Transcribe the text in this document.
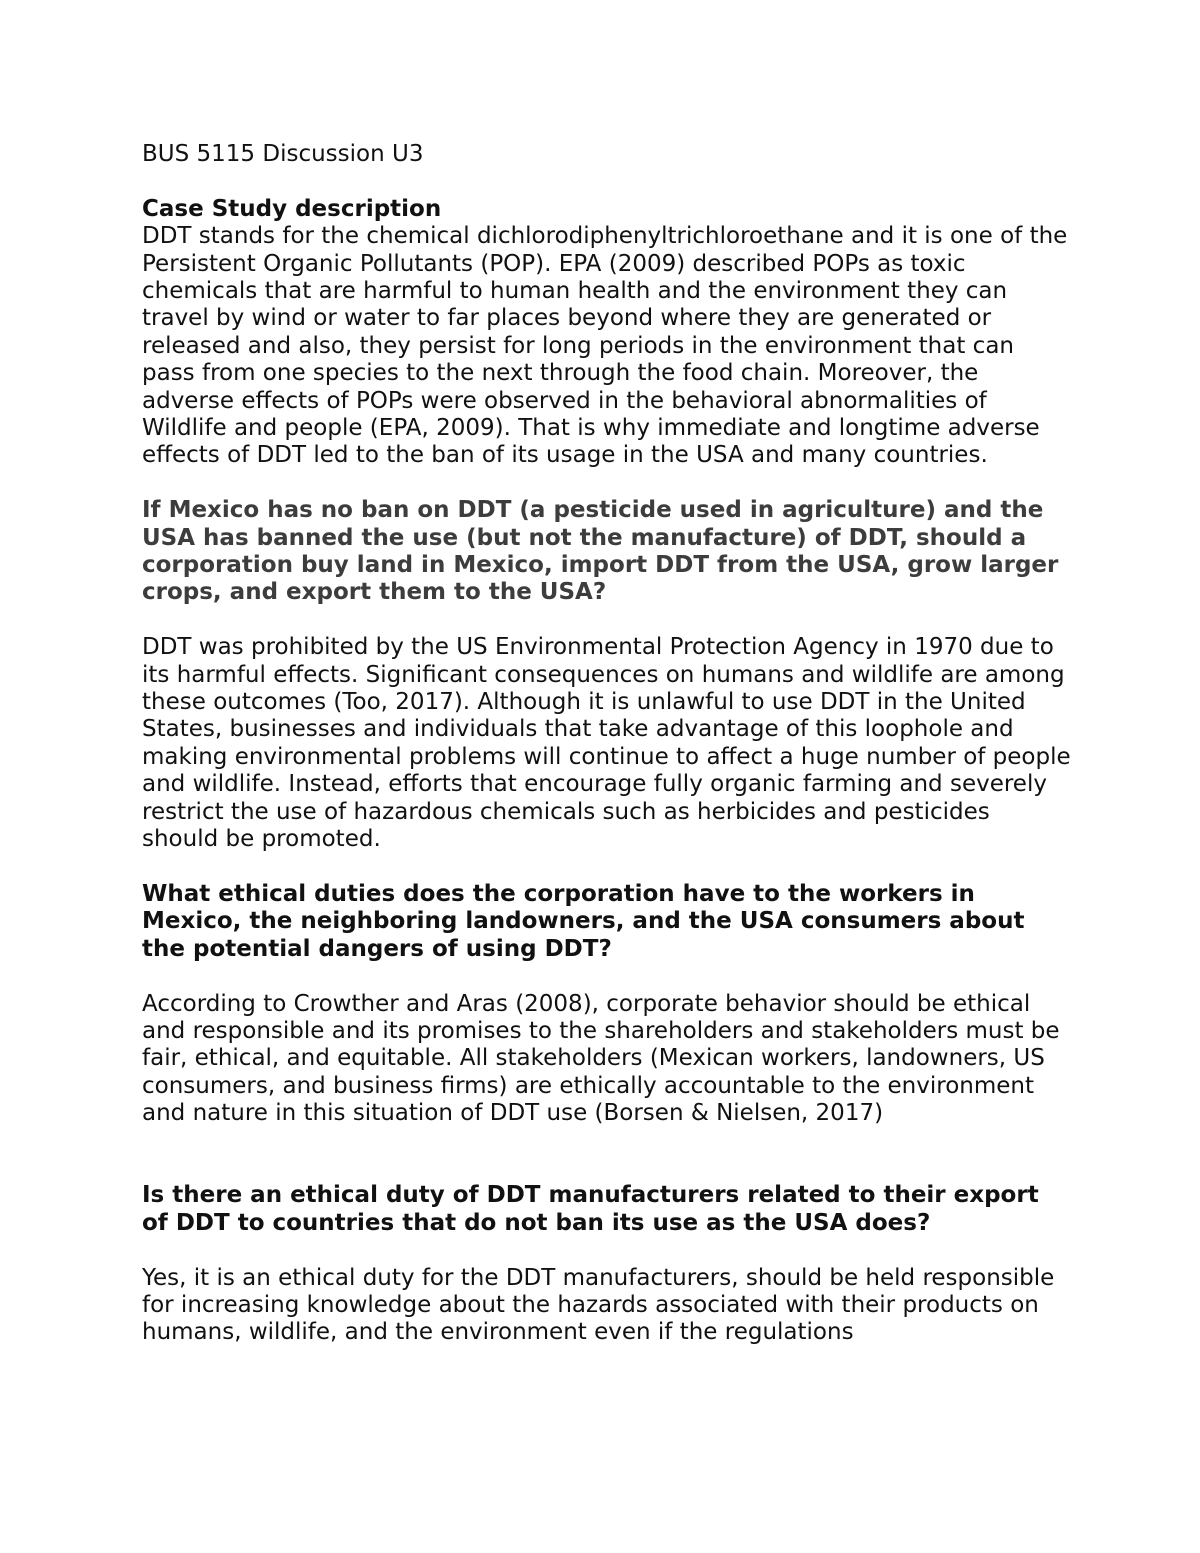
BUS 5115 Discussion U3

Case Study description

DDT stands for the chemical dichlorodiphenyltrichloroethane and it is one of the Persistent Organic Pollutants (POP). EPA (2009) described POPs as toxic chemicals that are harmful to human health and the environment they can travel by wind or water to far places beyond where they are generated or released and also, they persist for long periods in the environment that can pass from one species to the next through the food chain. Moreover, the adverse effects of POPs were observed in the behavioral abnormalities of Wildlife and people (EPA, 2009). That is why immediate and longtime adverse effects of DDT led to the ban of its usage in the USA and many countries.

If Mexico has no ban on DDT (a pesticide used in agriculture) and the USA has banned the use (but not the manufacture) of DDT, should a corporation buy land in Mexico, import DDT from the USA, grow larger crops, and export them to the USA?

DDT was prohibited by the US Environmental Protection Agency in 1970 due to its harmful effects. Significant consequences on humans and wildlife are among these outcomes (Too, 2017). Although it is unlawful to use DDT in the United States, businesses and individuals that take advantage of this loophole and making environmental problems will continue to affect a huge number of people and wildlife. Instead, efforts that encourage fully organic farming and severely restrict the use of hazardous chemicals such as herbicides and pesticides should be promoted.

What ethical duties does the corporation have to the workers in Mexico, the neighboring landowners, and the USA consumers about the potential dangers of using DDT?

According to Crowther and Aras (2008), corporate behavior should be ethical and responsible and its promises to the shareholders and stakeholders must be fair, ethical, and equitable. All stakeholders (Mexican workers, landowners, US consumers, and business firms) are ethically accountable to the environment and nature in this situation of DDT use (Borsen & Nielsen, 2017)

Is there an ethical duty of DDT manufacturers related to their export of DDT to countries that do not ban its use as the USA does?

Yes, it is an ethical duty for the DDT manufacturers, should be held responsible for increasing knowledge about the hazards associated with their products on humans, wildlife, and the environment even if the regulations
